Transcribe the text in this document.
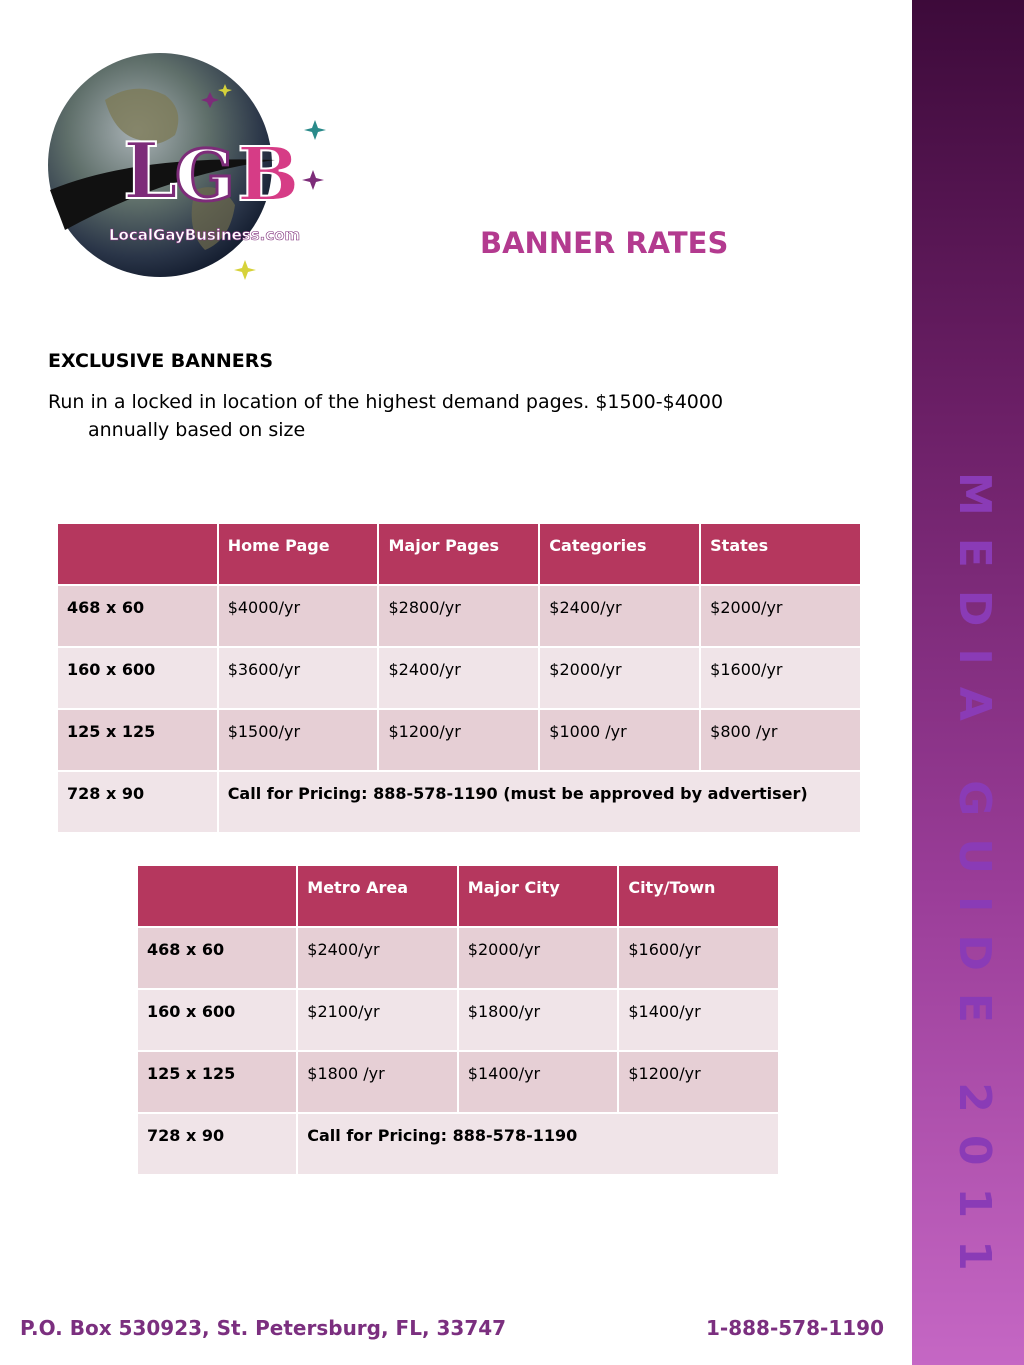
MEDIA GUIDE 2011
L
G B
LocalGayBusiness.com	BANNER RATES
EXCLUSIVE BANNERS
Run in a locked in location of the highest demand pages. $1500-$4000
annually based on size
	Home Page	Major Pages	Categories	States
468 x 60	$4000/yr	$2800/yr	$2400/yr	$2000/yr
160 x 600	$3600/yr	$2400/yr	$2000/yr	$1600/yr
125 x 125	$1500/yr	$1200/yr	$1000 /yr	$800 /yr
728 x 90	Call for Pricing: 888-578-1190 (must be approved by advertiser)			
	Metro Area	Major City	City/Town
468 x 60	$2400/yr	$2000/yr	$1600/yr
160 x 600	$2100/yr	$1800/yr	$1400/yr
125 x 125	$1800 /yr	$1400/yr	$1200/yr
728 x 90	Call for Pricing: 888-578-1190		
P.O. Box 530923, St. Petersburg, FL, 33747	1-888-578-1190
